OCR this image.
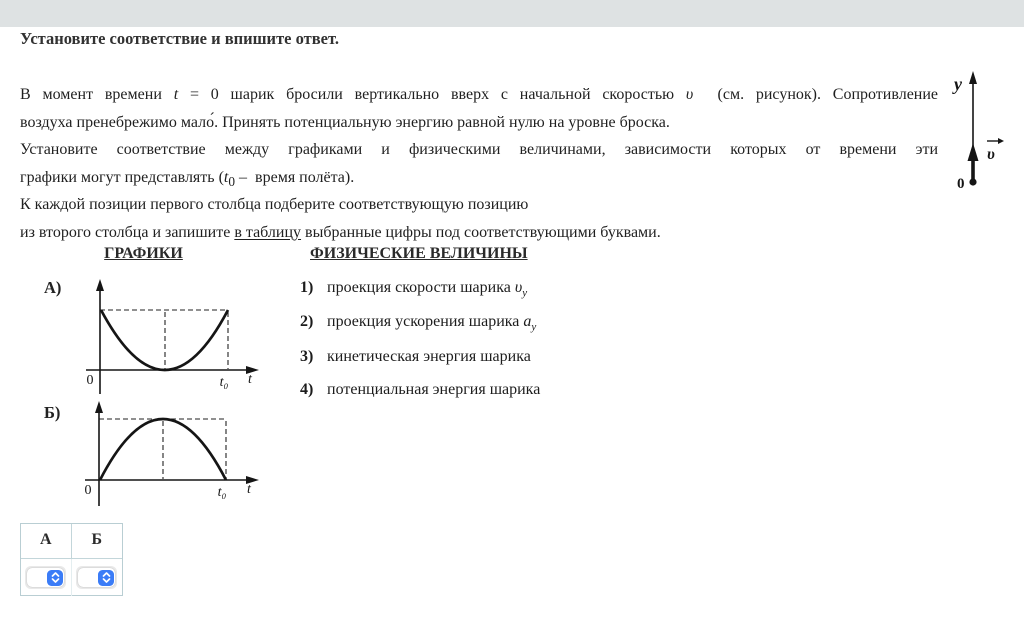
Установите соответствие и впишите ответ.
В момент времени t = 0 шарик бросили вертикально вверх с начальной скоростью υ⃗ (см. рисунок). Сопротивление
воздуха пренебрежимо мало́. Принять потенциальную энергию равной нулю на уровне броска.
Установите соответствие между графиками и физическими величинами, зависимости которых от времени эти
графики могут представлять ($t_0$ –  время полёта).
К каждой позиции первого столбца подберите соответствующую позицию
из второго столбца и запишите в таблицу выбранные цифры под соответствующими буквами.
y
0
υ
ГРАФИКИ	ФИЗИЧЕСКИЕ ВЕЛИЧИНЫ
А)
0	t₀ t
Б)
0	t₀ t
1) проекция скорости шарика $\upsilon_y$
2) проекция ускорения шарика $a_y$
3) кинетическая энергия шарика
4) потенциальная энергия шарика
А	Б
